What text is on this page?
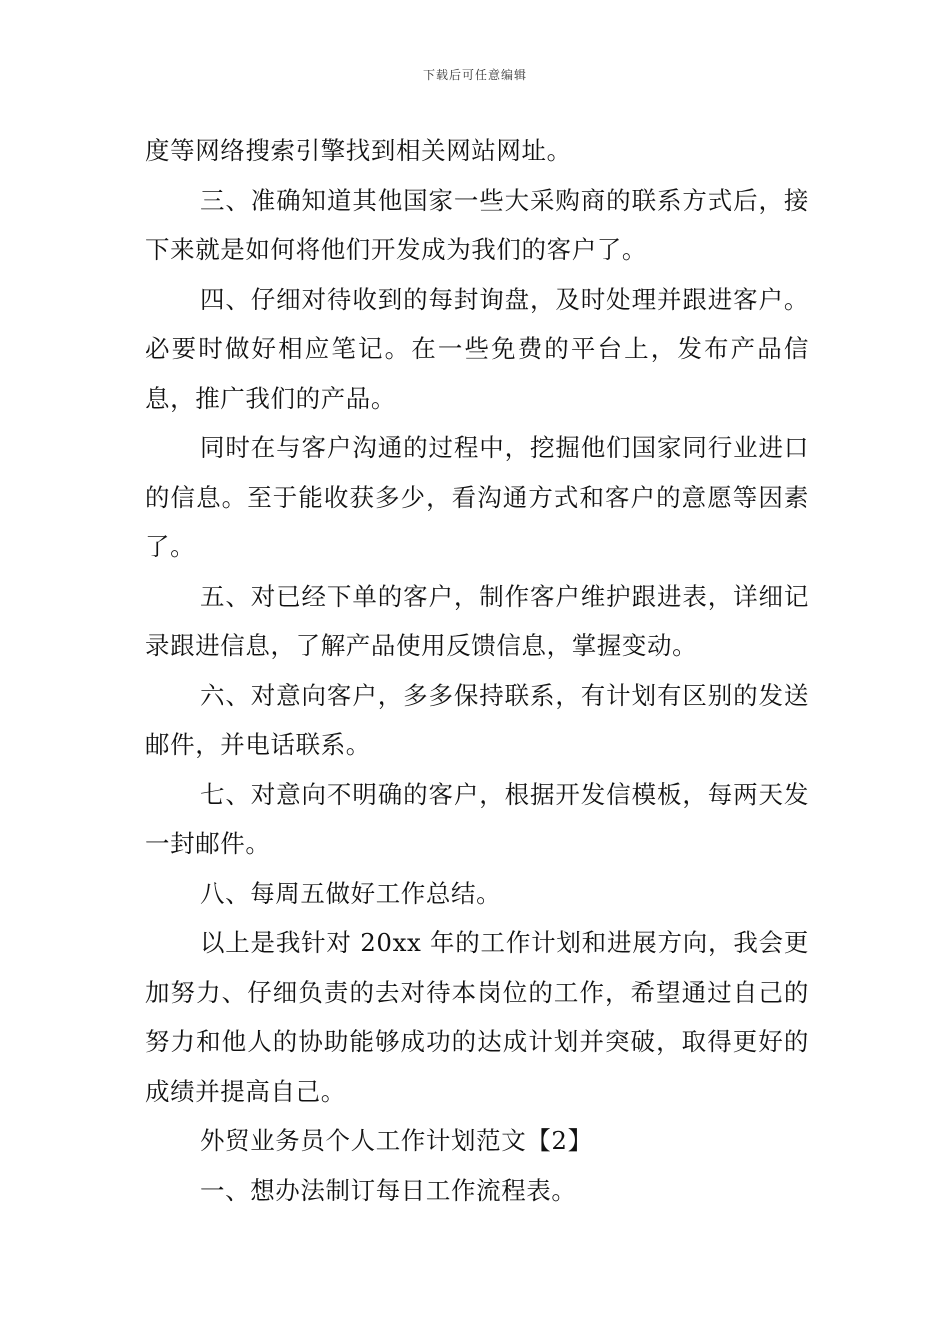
下载后可任意编辑

度等网络搜索引擎找到相关网站网址。

三、准确知道其他国家一些大采购商的联系方式后，接下来就是如何将他们开发成为我们的客户了。

四、仔细对待收到的每封询盘，及时处理并跟进客户。必要时做好相应笔记。在一些免费的平台上，发布产品信息，推广我们的产品。

同时在与客户沟通的过程中，挖掘他们国家同行业进口的信息。至于能收获多少，看沟通方式和客户的意愿等因素了。

五、对已经下单的客户，制作客户维护跟进表，详细记录跟进信息，了解产品使用反馈信息，掌握变动。

六、对意向客户，多多保持联系，有计划有区别的发送邮件，并电话联系。

七、对意向不明确的客户，根据开发信模板，每两天发一封邮件。

八、每周五做好工作总结。

以上是我针对 20xx 年的工作计划和进展方向，我会更加努力、仔细负责的去对待本岗位的工作，希望通过自己的努力和他人的协助能够成功的达成计划并突破，取得更好的成绩并提高自己。

外贸业务员个人工作计划范文【2】

一、想办法制订每日工作流程表。
